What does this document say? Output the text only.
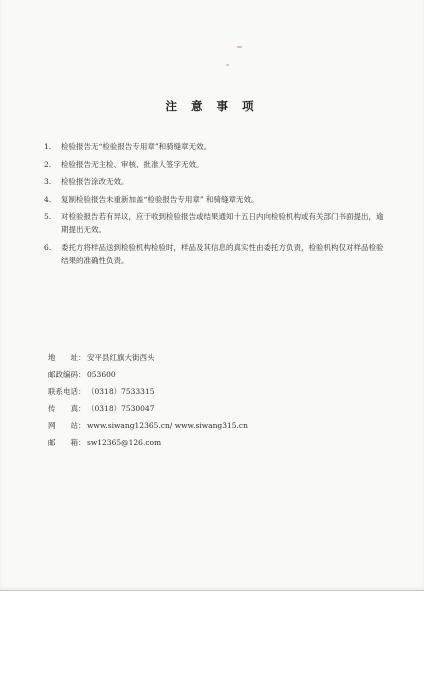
注 意 事 项
1.	检验报告无“检验报告专用章”和骑缝章无效。
2.	检验报告无主检、审核、批准人签字无效。
3.	检验报告涂改无效。
4.	复制检验报告未重新加盖“检验报告专用章” 和骑缝章无效。
5.	对检验报告若有异议，应于收到检验报告或结果通知十五日内向检验机构或有关部门书面提出，逾期提出无效。
6.	委托方将样品送到检验机构检验时，样品及其信息的真实性由委托方负责，检验机构仅对样品检验结果的准确性负责。
地　　址： 安平县红旗大街西头
邮政编码： 053600
联系电话： （0318）7533315
传　　真： （0318）7530047
网　　站： www.siwang12365.cn/ www.siwang315.cn
邮　　箱： sw12365@126.com
